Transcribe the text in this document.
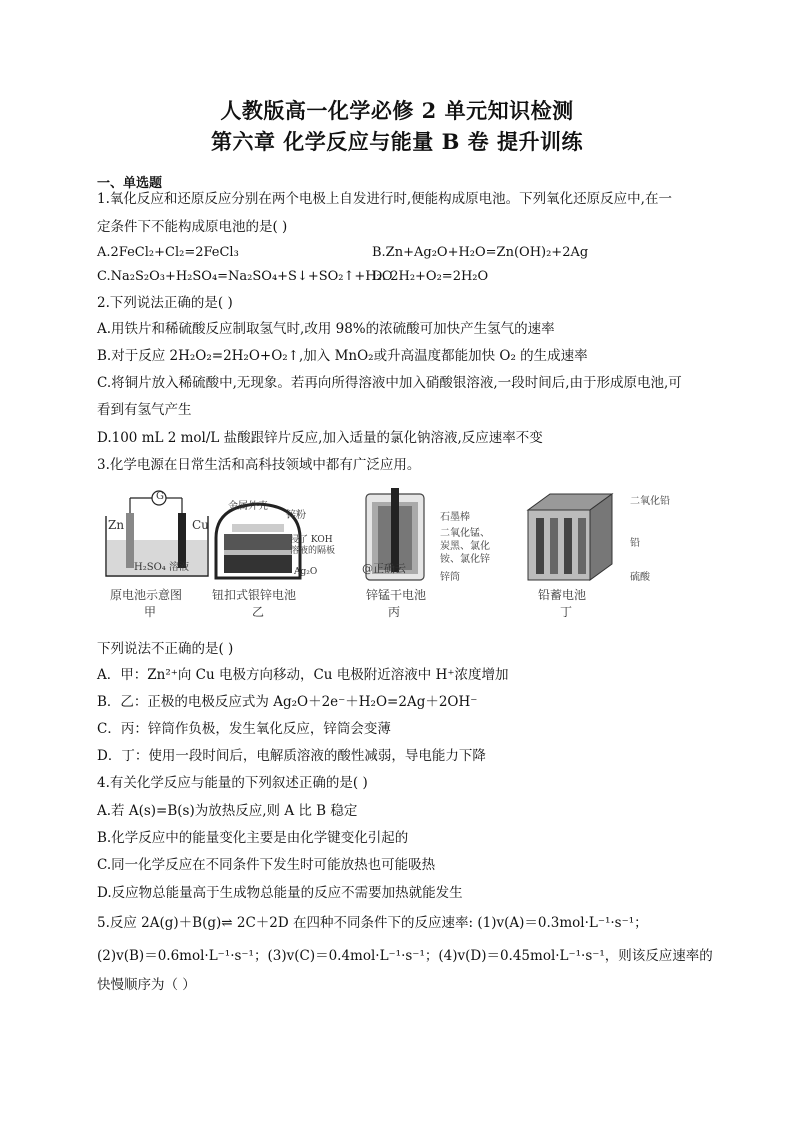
人教版高一化学必修 2 单元知识检测
第六章 化学反应与能量 B 卷 提升训练
一、单选题
1.氧化反应和还原反应分别在两个电极上自发进行时,便能构成原电池。下列氧化还原反应中,在一
定条件下不能构成原电池的是( )
A.2FeCl₂+Cl₂=2FeCl₃	B.Zn+Ag₂O+H₂O=Zn(OH)₂+2Ag
C.Na₂S₂O₃+H₂SO₄=Na₂SO₄+S↓+SO₂↑+H₂O
D. 2H₂+O₂=2H₂O
2.下列说法正确的是( )
A.用铁片和稀硫酸反应制取氢气时,改用 98%的浓硫酸可加快产生氢气的速率
B.对于反应 2H₂O₂=2H₂O+O₂↑,加入 MnO₂或升高温度都能加快 O₂ 的生成速率
C.将铜片放入稀硫酸中,无现象。若再向所得溶液中加入硝酸银溶液,一段时间后,由于形成原电池,可
看到有氢气产生
D.100 mL 2 mol/L 盐酸跟锌片反应,加入适量的氯化钠溶液,反应速率不变
3.化学电源在日常生活和高科技领域中都有广泛应用。
G
Zn	Cu
H₂SO₄ 溶液
原电池示意图
甲
金属外壳
锌粉
浸了 KOH
溶液的隔板
Ag₂O
钮扣式银锌电池
乙
石墨棒
二氧化锰、
炭黑、氯化
铵、氯化锌
锌筒
@正确云
锌锰干电池
丙
二氧化铅
铅
硫酸
铅蓄电池
丁
下列说法不正确的是( )
A．甲：Zn²⁺向 Cu 电极方向移动，Cu 电极附近溶液中 H⁺浓度增加
B．乙：正极的电极反应式为 Ag₂O＋2e⁻＋H₂O=2Ag＋2OH⁻
C．丙：锌筒作负极，发生氧化反应，锌筒会变薄
D．丁：使用一段时间后，电解质溶液的酸性减弱，导电能力下降
4.有关化学反应与能量的下列叙述正确的是( )
A.若 A(s)=B(s)为放热反应,则 A 比 B 稳定
B.化学反应中的能量变化主要是由化学键变化引起的
C.同一化学反应在不同条件下发生时可能放热也可能吸热
D.反应物总能量高于生成物总能量的反应不需要加热就能发生
5.反应 2A(g)＋B(g)⇌ 2C＋2D 在四种不同条件下的反应速率: (1)v(A)＝0.3mol·L⁻¹·s⁻¹；
(2)v(B)＝0.6mol·L⁻¹·s⁻¹；(3)v(C)＝0.4mol·L⁻¹·s⁻¹；(4)v(D)＝0.45mol·L⁻¹·s⁻¹，则该反应速率的
快慢顺序为（ ）
